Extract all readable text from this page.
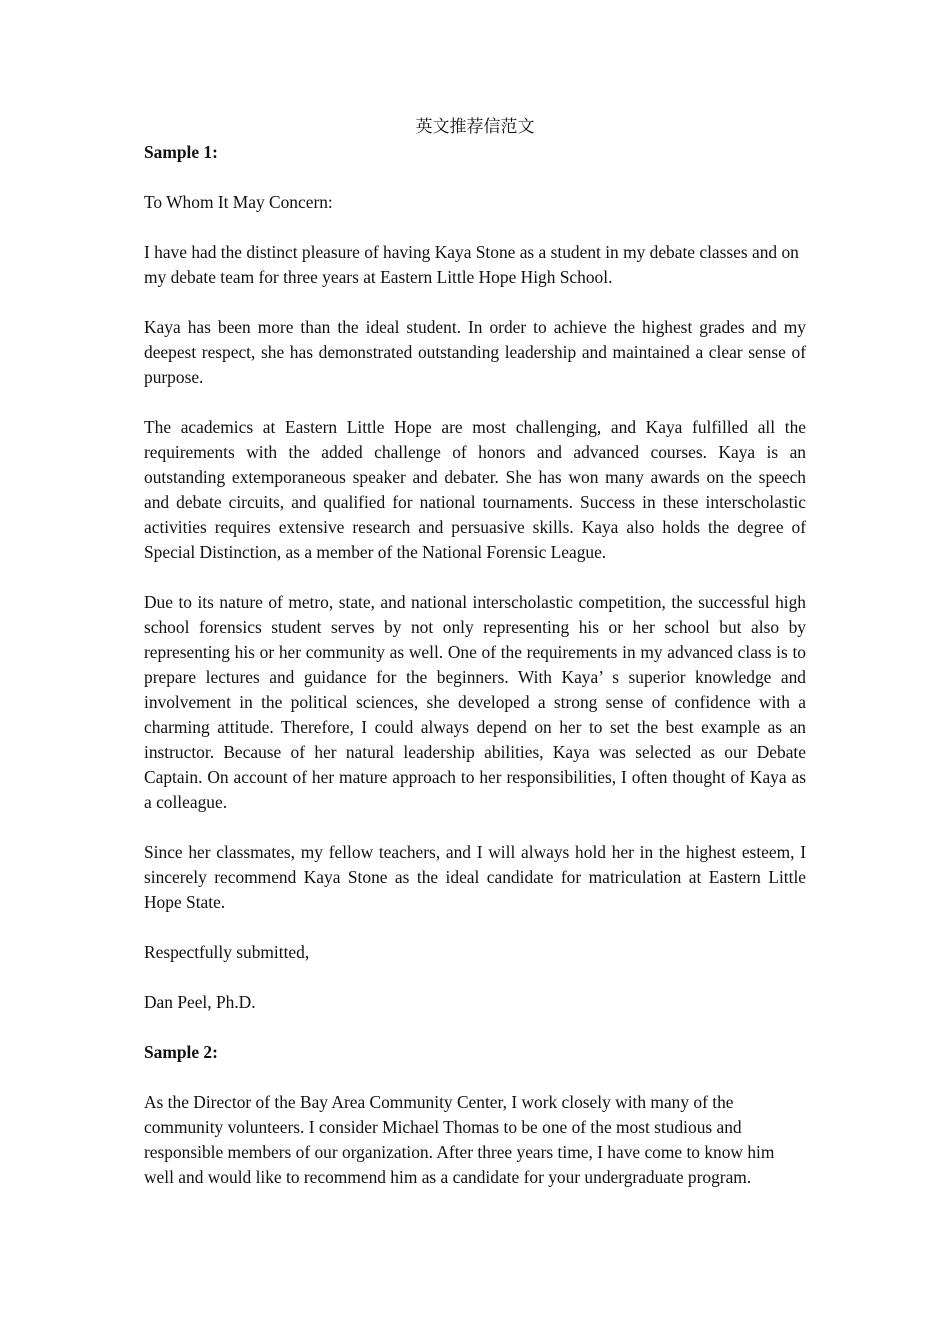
英文推荐信范文

Sample 1:

To Whom It May Concern:

I have had the distinct pleasure of having Kaya Stone as a student in my debate classes and on my debate team for three years at Eastern Little Hope High School.

Kaya has been more than the ideal student. In order to achieve the highest grades and my deepest respect, she has demonstrated outstanding leadership and maintained a clear sense of purpose.

The academics at Eastern Little Hope are most challenging, and Kaya fulfilled all the requirements with the added challenge of honors and advanced courses. Kaya is an outstanding extemporaneous speaker and debater. She has won many awards on the speech and debate circuits, and qualified for national tournaments. Success in these interscholastic activities requires extensive research and persuasive skills. Kaya also holds the degree of Special Distinction, as a member of the National Forensic League.

Due to its nature of metro, state, and national interscholastic competition, the successful high school forensics student serves by not only representing his or her school but also by representing his or her community as well. One of the requirements in my advanced class is to prepare lectures and guidance for the beginners. With Kaya’ s superior knowledge and involvement in the political sciences, she developed a strong sense of confidence with a charming attitude. Therefore, I could always depend on her to set the best example as an instructor. Because of her natural leadership abilities, Kaya was selected as our Debate Captain. On account of her mature approach to her responsibilities, I often thought of Kaya as a colleague.

Since her classmates, my fellow teachers, and I will always hold her in the highest esteem, I sincerely recommend Kaya Stone as the ideal candidate for matriculation at Eastern Little Hope State.

Respectfully submitted,

Dan Peel, Ph.D.

Sample 2:

As the Director of the Bay Area Community Center, I work closely with many of the community volunteers. I consider Michael Thomas to be one of the most studious and responsible members of our organization. After three years time, I have come to know him well and would like to recommend him as a candidate for your undergraduate program.
